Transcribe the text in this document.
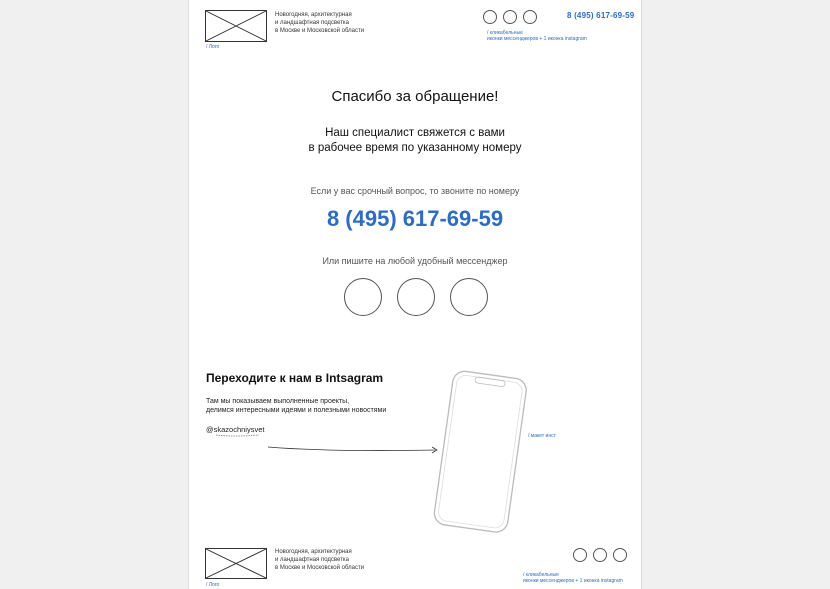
Новогодняя, архитектурная
и ландшафтная подсветка
в Москве и Московской области
/ Лого
8 (495) 617-69-59
/ кликабельные
иконки мессенджеров + 1 иконка instagram
Спасибо за обращение!
Наш специалист свяжется с вами
в рабочее время по указанному номеру
Если у вас срочный вопрос, то звоните по номеру
8 (495) 617-69-59
Или пишите на любой удобный мессенджер
Переходите к нам в Intsagram
Там мы показываем выполненные проекты,
делимся интересными идеями и полезными новостями
@skazochniysvet
/ макет инст
Новогодняя, архитектурная
и ландшафтная подсветка
в Москве и Московской области
/ Лого
/ кликабельные
иконки мессенджеров + 1 иконка instagram
